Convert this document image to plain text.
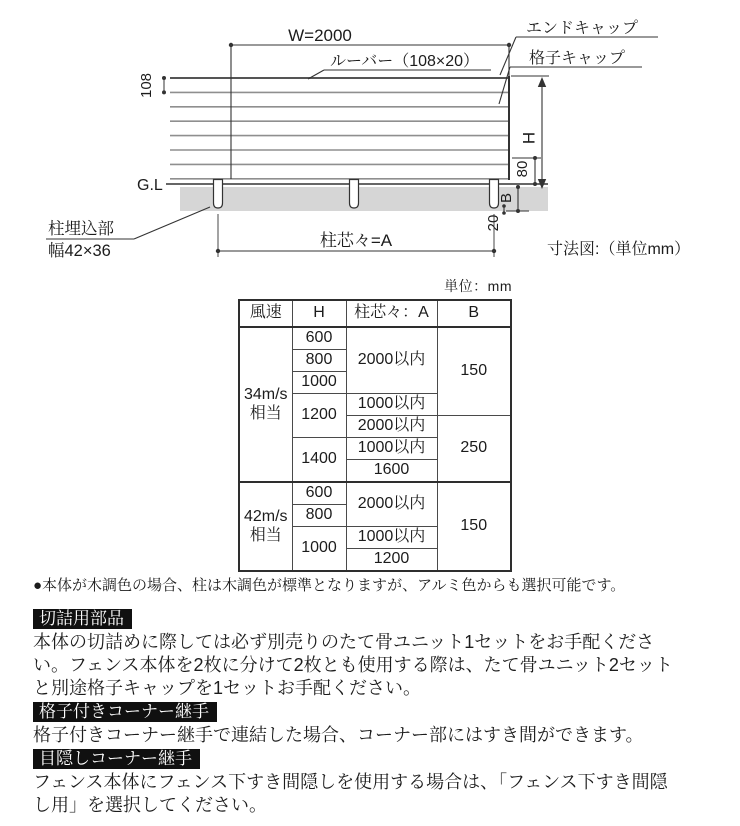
W=2000
ルーバー（108×20）
エンドキャップ
格子キャップ
108
G.L
H
80
B
20
柱埋込部
幅42×36
柱芯々=A	寸法図:（単位mm）
単位：mm
風速	H	柱芯々：A	B
34m/s相当	600	2000以内	150
	800		
	1000		
	1200	1000以内	
		2000以内	250
	1400	1000以内	
		1600	
42m/s相当	600	2000以内	150
	800		
	1000	1000以内	
		1200	

●本体が木調色の場合、柱は木調色が標準となりますが、アルミ色からも選択可能です。

切詰用部品

本体の切詰めに際しては必ず別売りのたて骨ユニット1セットをお手配ください。フェンス本体を2枚に分けて2枚とも使用する際は、たて骨ユニット2セットと別途格子キャップを1セットお手配ください。

格子付きコーナー継手

格子付きコーナー継手で連結した場合、コーナー部にはすき間ができます。

目隠しコーナー継手

フェンス本体にフェンス下すき間隠しを使用する場合は、「フェンス下すき間隠し用」を選択してください。
